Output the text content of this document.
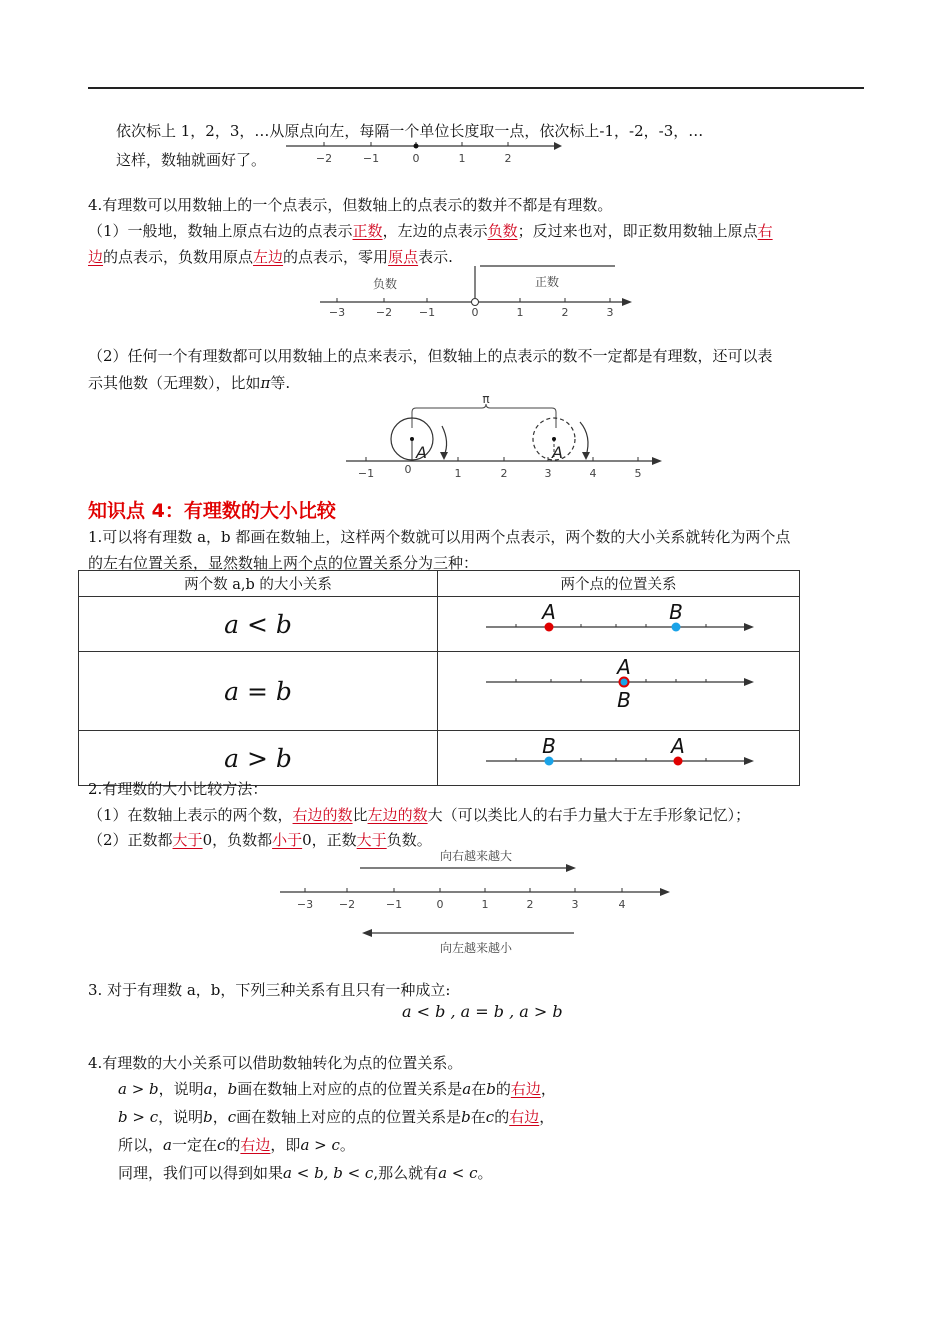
依次标上 1，2，3，…从原点向左，每隔一个单位长度取一点，依次标上-1，-2，-3，…
这样，数轴就画好了。	−2	−1	0	1	2
4.有理数可以用数轴上的一个点表示，但数轴上的点表示的数并不都是有理数。
（1）一般地，数轴上原点右边的点表示正数，左边的点表示负数；反过来也对，即正数用数轴上原点右
边的点表示，负数用原点左边的点表示，零用原点表示.
负数	正数
−3	−2 −1	0	1	2	3
（2）任何一个有理数都可以用数轴上的点来表示，但数轴上的点表示的数不一定都是有理数，还可以表
示其他数（无理数），比如π等.
π
A	A
−1	0	1	2	3	4	5
知识点 4：有理数的大小比较
1.可以将有理数 a，b 都画在数轴上，这样两个数就可以用两个点表示，两个数的大小关系就转化为两个点
的左右位置关系，显然数轴上两个点的位置关系分为三种：
两个数 a,b 的大小关系	两个点的位置关系
a < b	A B

a = b	A
B

a > b	B A
2.有理数的大小比较方法：
（1）在数轴上表示的两个数，右边的数比左边的数大（可以类比人的右手力量大于左手形象记忆）；
（2）正数都大于0，负数都小于0，正数大于负数。
向右越来越大
−3 −2	−1	0	1	2	3	4
向左越来越小
3. 对于有理数 a，b，下列三种关系有且只有一种成立:
a < b , a = b , a > b
4.有理数的大小关系可以借助数轴转化为点的位置关系。
a > b，说明a，b画在数轴上对应的点的位置关系是a在b的右边，
b > c，说明b，c画在数轴上对应的点的位置关系是b在c的右边，
所以，a一定在c的右边，即a > c。
同理，我们可以得到如果a < b, b < c,那么就有a < c。
